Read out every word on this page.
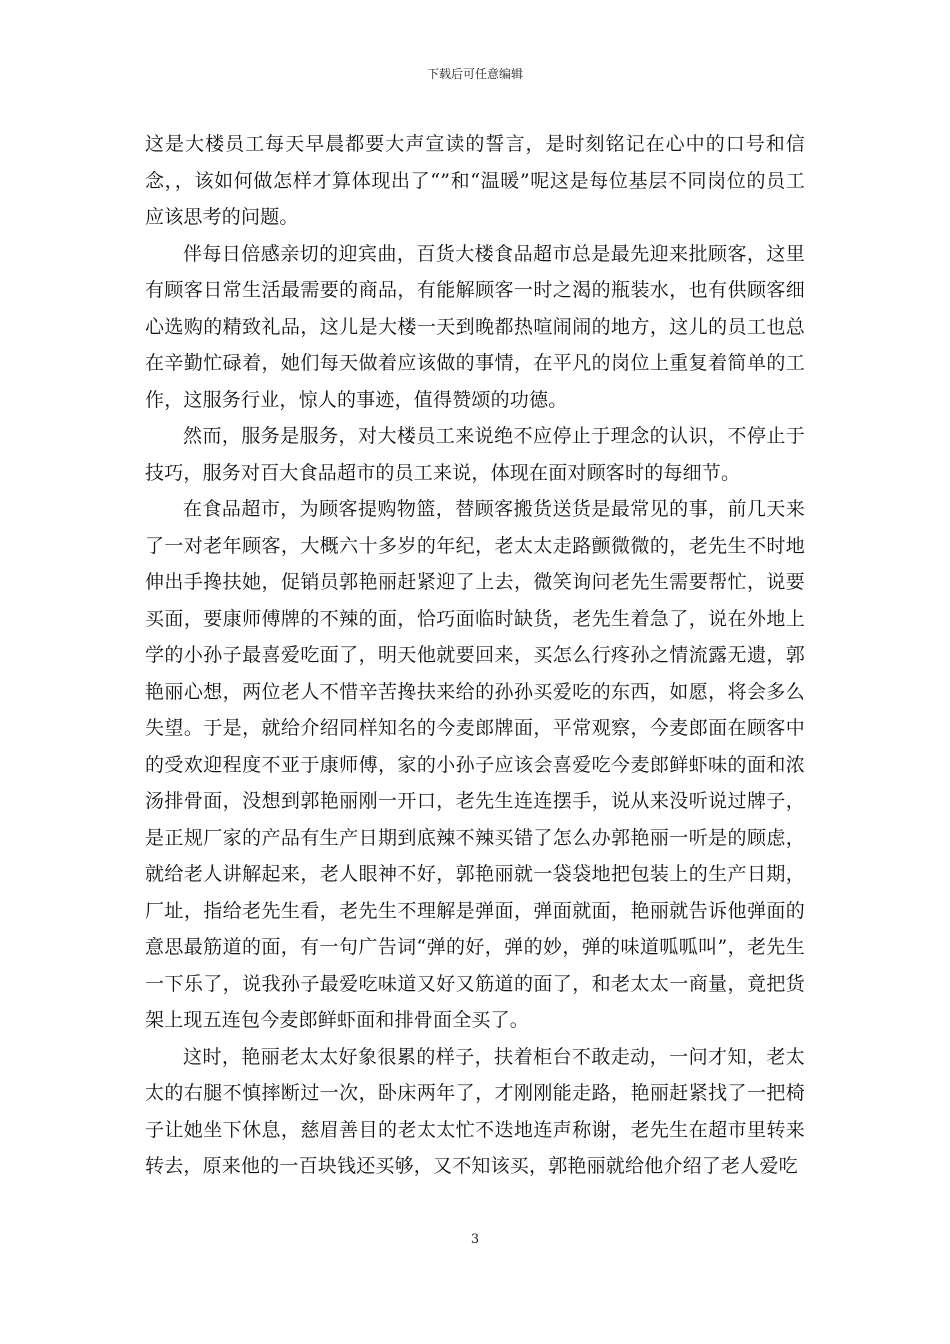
下载后可任意编辑

这是大楼员工每天早晨都要大声宣读的誓言，是时刻铭记在心中的口号和信念，，该如何做怎样才算体现出了“”和“温暖”呢这是每位基层不同岗位的员工应该思考的问题。

伴每日倍感亲切的迎宾曲，百货大楼食品超市总是最先迎来批顾客，这里有顾客日常生活最需要的商品，有能解顾客一时之渴的瓶装水，也有供顾客细心选购的精致礼品，这儿是大楼一天到晚都热喧闹闹的地方，这儿的员工也总在辛勤忙碌着，她们每天做着应该做的事情，在平凡的岗位上重复着简单的工作，这服务行业，惊人的事迹，值得赞颂的功德。

然而，服务是服务，对大楼员工来说绝不应停止于理念的认识，不停止于技巧，服务对百大食品超市的员工来说，体现在面对顾客时的每细节。

在食品超市，为顾客提购物篮，替顾客搬货送货是最常见的事，前几天来了一对老年顾客，大概六十多岁的年纪，老太太走路颤微微的，老先生不时地伸出手搀扶她，促销员郭艳丽赶紧迎了上去，微笑询问老先生需要帮忙，说要买面，要康师傅牌的不辣的面，恰巧面临时缺货，老先生着急了，说在外地上学的小孙子最喜爱吃面了，明天他就要回来，买怎么行疼孙之情流露无遗，郭艳丽心想，两位老人不惜辛苦搀扶来给的孙孙买爱吃的东西，如愿，将会多么失望。于是，就给介绍同样知名的今麦郎牌面，平常观察，今麦郎面在顾客中的受欢迎程度不亚于康师傅，家的小孙子应该会喜爱吃今麦郎鲜虾味的面和浓汤排骨面，没想到郭艳丽刚一开口，老先生连连摆手，说从来没听说过牌子，是正规厂家的产品有生产日期到底辣不辣买错了怎么办郭艳丽一听是的顾虑，就给老人讲解起来，老人眼神不好，郭艳丽就一袋袋地把包装上的生产日期，厂址，指给老先生看，老先生不理解是弹面，弹面就面，艳丽就告诉他弹面的意思最筋道的面，有一句广告词“弹的好，弹的妙，弹的味道呱呱叫”，老先生一下乐了，说我孙子最爱吃味道又好又筋道的面了，和老太太一商量，竟把货架上现五连包今麦郎鲜虾面和排骨面全买了。

这时，艳丽老太太好象很累的样子，扶着柜台不敢走动，一问才知，老太太的右腿不慎摔断过一次，卧床两年了，才刚刚能走路，艳丽赶紧找了一把椅子让她坐下休息，慈眉善目的老太太忙不迭地连声称谢，老先生在超市里转来转去，原来他的一百块钱还买够，又不知该买，郭艳丽就给他介绍了老人爱吃

3
